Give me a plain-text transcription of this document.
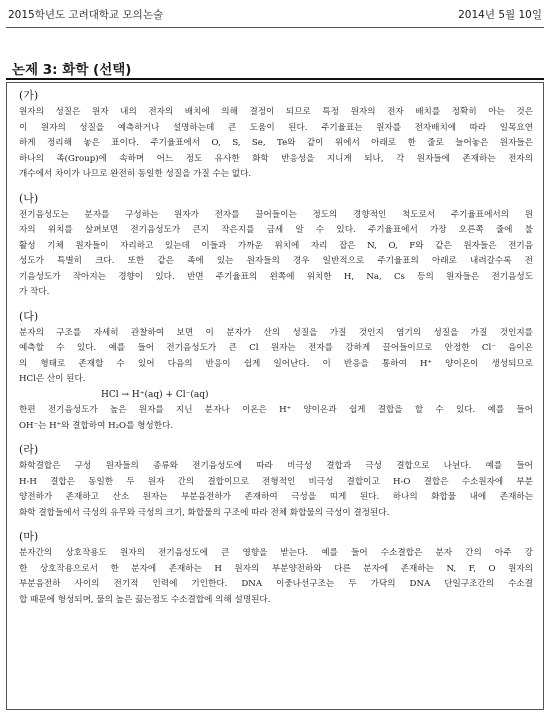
2015학년도 고려대학교 모의논술	2014년 5월 10일
논제 3: 화학 (선택)
(가)
원자의 성질은 원자 내의 전자의 배치에 의해 결정이 되므로 특정 원자의 전자 배치를 정확히 아는 것은
이 원자의 성질을 예측하거나 설명하는데 큰 도움이 된다. 주기율표는 원자를 전자배치에 따라 일목요연
하게 정리해 놓은 표이다. 주기율표에서 O, S, Se, Te와 같이 위에서 아래로 한 줄로 늘어놓은 원자들은
하나의 족(Group)에 속하며 어느 정도 유사한 화학 반응성을 지니게 되나, 각 원자들에 존재하는 전자의
개수에서 차이가 나므로 완전히 동일한 성질을 가질 수는 없다.
(나)
전기음성도는 분자를 구성하는 원자가 전자를 끌어들이는 정도의 경향적인 척도로서 주기율표에서의 원
자의 위치를 살펴보면 전기음성도가 큰지 작은지를 금세 알 수 있다. 주기율표에서 가장 오른쪽 줄에 불
활성 기체 원자들이 자리하고 있는데 이들과 가까운 위치에 자리 잡은 N, O, F와 같은 원자들은 전기음
성도가 특별히 크다. 또한 같은 족에 있는 원자들의 경우 일반적으로 주기율표의 아래로 내려갈수록 전
기음성도가 작아지는 경향이 있다. 반면 주기율표의 왼쪽에 위치한 H, Na, Cs 등의 원자들은 전기음성도
가 작다.
(다)
분자의 구조를 자세히 관찰하여 보면 이 분자가 산의 성질을 가질 것인지 염기의 성질을 가질 것인지를
예측할 수 있다. 예를 들어 전기음성도가 큰 Cl 원자는 전자를 강하게 끌어들이므로 안정한 Cl⁻ 음이온
의 형태로 존재할 수 있어 다음의 반응이 쉽게 일어난다. 이 반응을 통하여 H⁺ 양이온이 생성되므로
HCl은 산이 된다.
HCl → H⁺(aq) + Cl⁻(aq)
한편 전기음성도가 높은 원자를 지닌 분자나 이온은 H⁺ 양이온과 쉽게 결합을 할 수 있다. 예를 들어
OH⁻는 H⁺와 결합하여 H₂O를 형성한다.
(라)
화학결합은 구성 원자들의 종류와 전기음성도에 따라 비극성 결합과 극성 결합으로 나뉜다. 예를 들어
H-H 결합은 동일한 두 원자 간의 결합이므로 전형적인 비극성 결합이고 H-O 결합은 수소원자에 부분
양전하가 존재하고 산소 원자는 부분음전하가 존재하여 극성을 띠게 된다. 하나의 화합물 내에 존재하는
화학 결합들에서 극성의 유무와 극성의 크기, 화합물의 구조에 따라 전체 화합물의 극성이 결정된다.
(마)
분자간의 상호작용도 원자의 전기음성도에 큰 영향을 받는다. 예를 들어 수소결합은 분자 간의 아주 강
한 상호작용으로서 한 분자에 존재하는 H 원자의 부분양전하와 다른 분자에 존재하는 N, F, O 원자의
부분음전하 사이의 전기적 인력에 기인한다. DNA 이중나선구조는 두 가닥의 DNA 단일구조간의 수소결
합 때문에 형성되며, 물의 높은 끓는점도 수소결합에 의해 설명된다.
